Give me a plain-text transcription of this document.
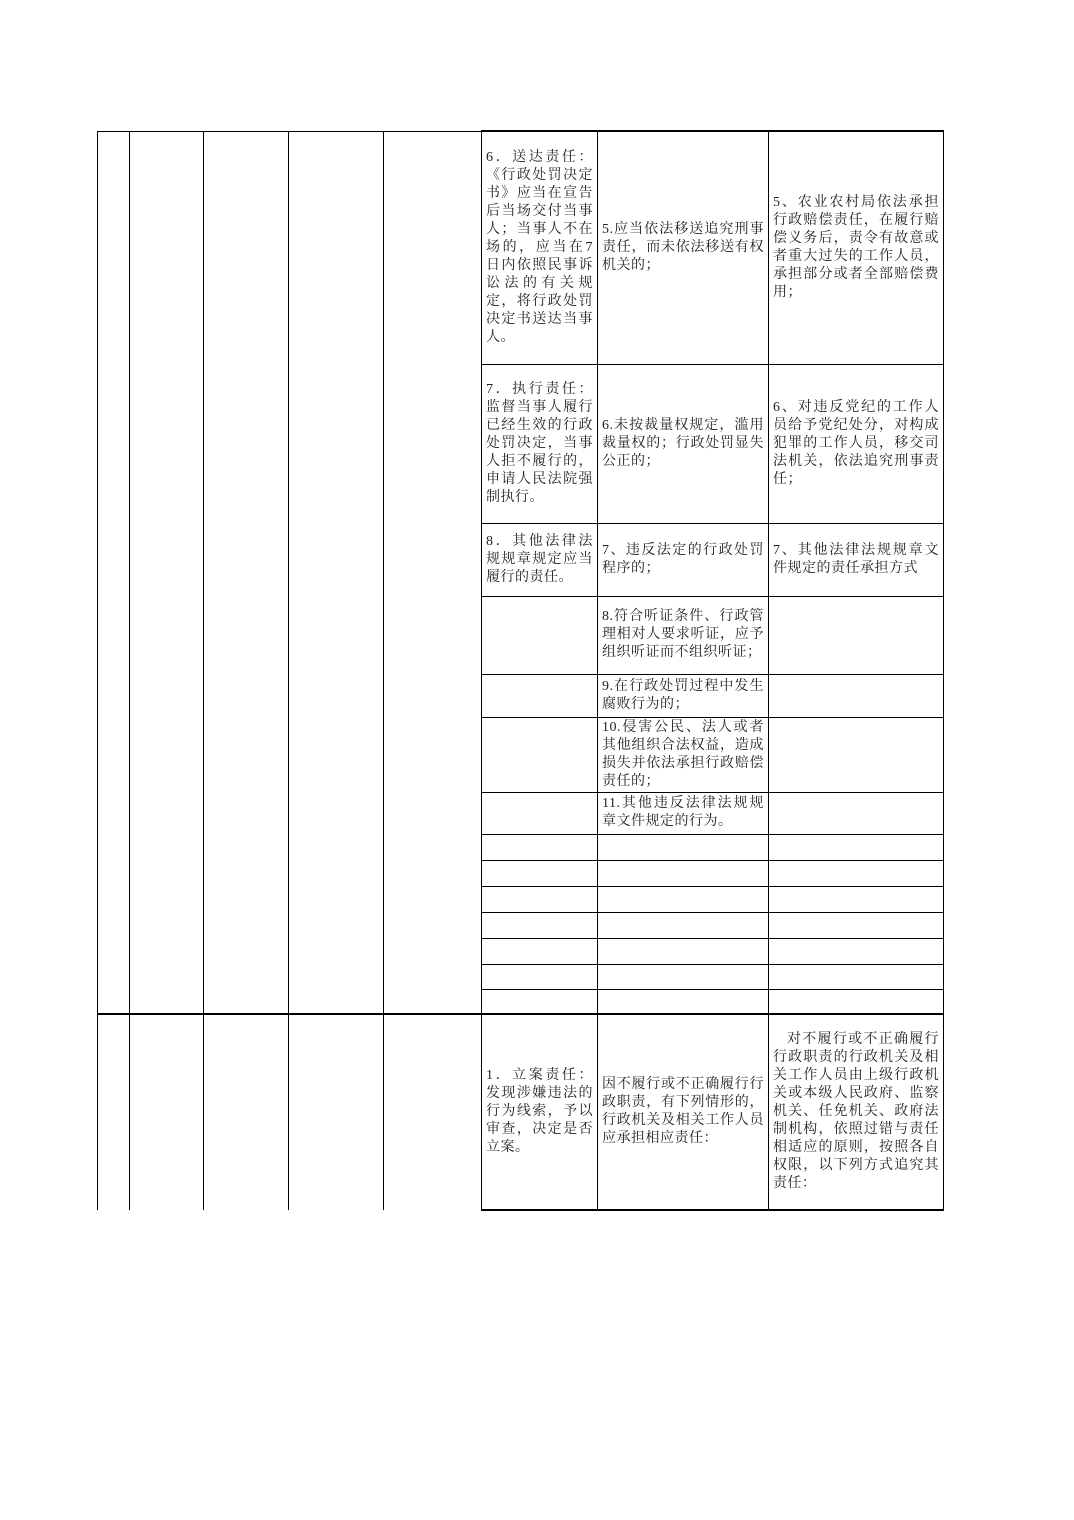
					6．送达责任：《行政处罚决定书》应当在宣告后当场交付当事人；当事人不在场的，应当在7日内依照民事诉讼法的有关规定，将行政处罚决定书送达当事人。	5.应当依法移送追究刑事责任，而未依法移送有权机关的；	5、农业农村局依法承担行政赔偿责任，在履行赔偿义务后，责令有故意或者重大过失的工作人员，承担部分或者全部赔偿费用；
					7．执行责任：监督当事人履行已经生效的行政处罚决定，当事人拒不履行的，申请人民法院强制执行。	6.未按裁量权规定，滥用裁量权的；行政处罚显失公正的；	6、对违反党纪的工作人员给予党纪处分，对构成犯罪的工作人员，移交司法机关，依法追究刑事责任；
					8．其他法律法规规章规定应当履行的责任。	7、违反法定的行政处罚程序的；	7、其他法律法规规章文件规定的责任承担方式
						8.符合听证条件、行政管理相对人要求听证，应予组织听证而不组织听证；	
						9.在行政处罚过程中发生腐败行为的；	
						10.侵害公民、法人或者其他组织合法权益，造成损失并依法承担行政赔偿责任的；	
						11.其他违反法律法规规章文件规定的行为。	

					1．立案责任：发现涉嫌违法的行为线索，予以审查，决定是否立案。	因不履行或不正确履行行政职责，有下列情形的，行政机关及相关工作人员应承担相应责任：	对不履行或不正确履行行政职责的行政机关及相关工作人员由上级行政机关或本级人民政府、监察机关、任免机关、政府法制机构，依照过错与责任相适应的原则，按照各自权限，以下列方式追究其责任：
